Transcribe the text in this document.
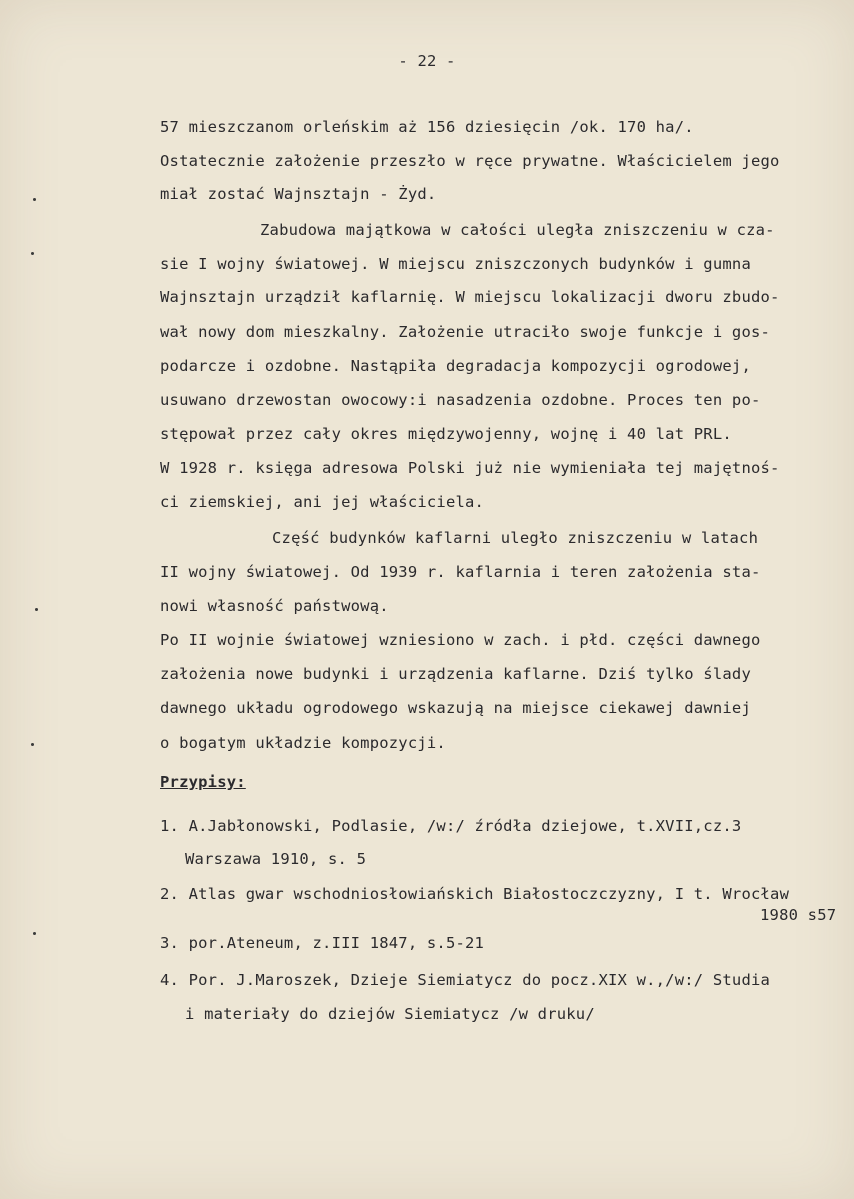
- 22 -
57 mieszczanom orleńskim aż 156 dziesięcin /ok. 170 ha/.
Ostatecznie założenie przeszło w ręce prywatne. Właścicielem jego
miał zostać Wajnsztajn - Żyd.
Zabudowa majątkowa w całości uległa zniszczeniu w cza-
sie I wojny światowej. W miejscu zniszczonych budynków i gumna
Wajnsztajn urządził kaflarnię. W miejscu lokalizacji dworu zbudo-
wał nowy dom mieszkalny. Założenie utraciło swoje funkcje i gos-
podarcze i ozdobne. Nastąpiła degradacja kompozycji ogrodowej,
usuwano drzewostan owocowy:i nasadzenia ozdobne. Proces ten po-
stępował przez cały okres międzywojenny, wojnę i 40 lat PRL.
W 1928 r. księga adresowa Polski już nie wymieniała tej majętnoś-
ci ziemskiej, ani jej właściciela.
Część budynków kaflarni uległo zniszczeniu w latach
II wojny światowej. Od 1939 r. kaflarnia i teren założenia sta-
nowi własność państwową.
Po II wojnie światowej wzniesiono w zach. i płd. części dawnego
założenia nowe budynki i urządzenia kaflarne. Dziś tylko ślady
dawnego układu ogrodowego wskazują na miejsce ciekawej dawniej
o bogatym układzie kompozycji.
Przypisy:
1. A.Jabłonowski, Podlasie, /w:/ źródła dziejowe, t.XVII,cz.3
Warszawa 1910, s. 5
2. Atlas gwar wschodniosłowiańskich Białostoczczyzny, I t. Wrocław
1980 s57
3. por.Ateneum, z.III 1847, s.5-21
4. Por. J.Maroszek, Dzieje Siemiatycz do pocz.XIX w.,/w:/ Studia
i materiały do dziejów Siemiatycz /w druku/
